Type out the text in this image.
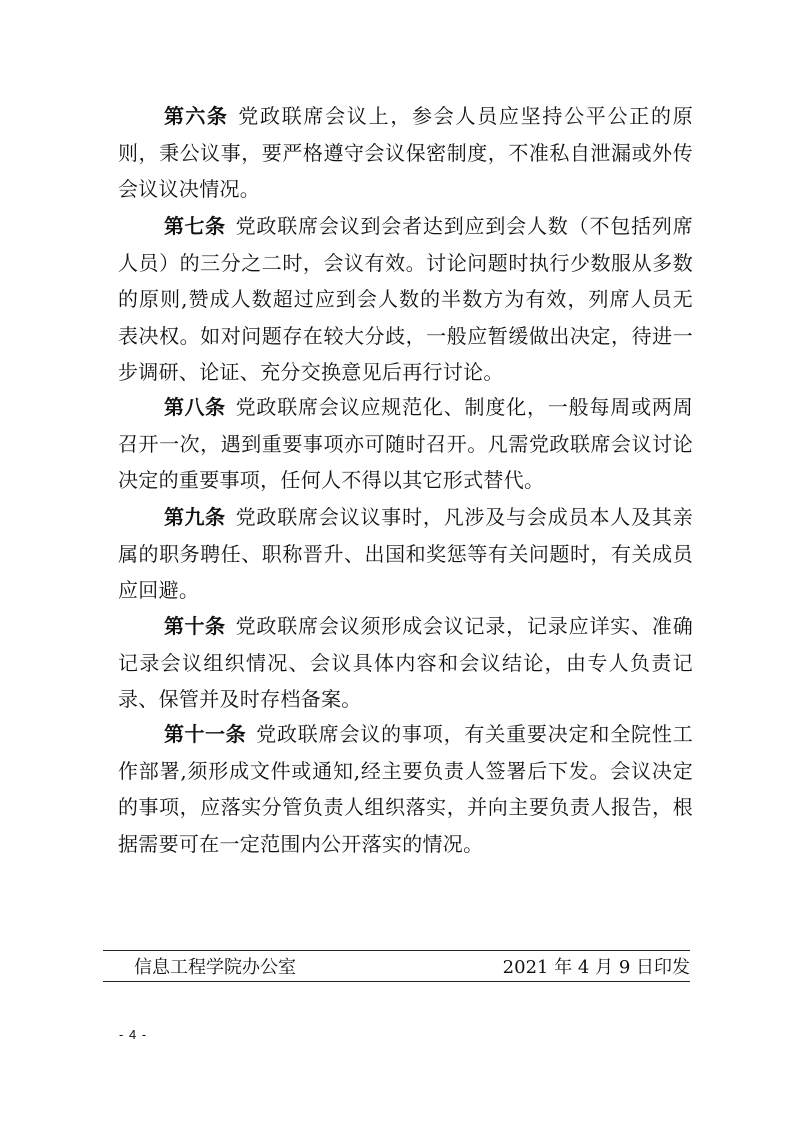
第六条 党政联席会议上，参会人员应坚持公平公正的原则，秉公议事，要严格遵守会议保密制度，不准私自泄漏或外传会议议决情况。

第七条 党政联席会议到会者达到应到会人数（不包括列席人员）的三分之二时，会议有效。讨论问题时执行少数服从多数的原则,赞成人数超过应到会人数的半数方为有效，列席人员无表决权。如对问题存在较大分歧，一般应暂缓做出决定，待进一步调研、论证、充分交换意见后再行讨论。

第八条 党政联席会议应规范化、制度化，一般每周或两周召开一次，遇到重要事项亦可随时召开。凡需党政联席会议讨论决定的重要事项，任何人不得以其它形式替代。

第九条 党政联席会议议事时，凡涉及与会成员本人及其亲属的职务聘任、职称晋升、出国和奖惩等有关问题时，有关成员应回避。

第十条 党政联席会议须形成会议记录，记录应详实、准确记录会议组织情况、会议具体内容和会议结论，由专人负责记录、保管并及时存档备案。

第十一条 党政联席会议的事项，有关重要决定和全院性工作部署,须形成文件或通知,经主要负责人签署后下发。会议决定的事项，应落实分管负责人组织落实，并向主要负责人报告，根据需要可在一定范围内公开落实的情况。

信息工程学院办公室	2021 年 4 月 9 日印发
- 4 -
